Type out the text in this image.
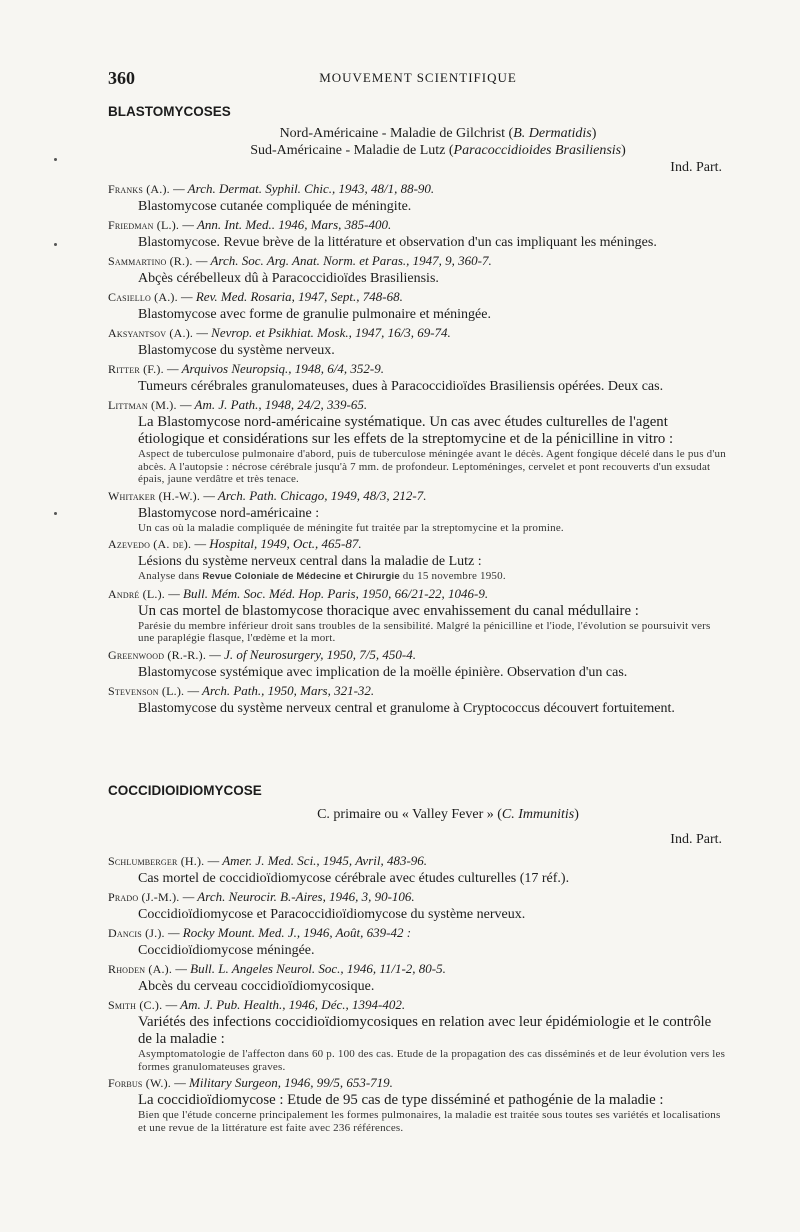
360	MOUVEMENT SCIENTIFIQUE
BLASTOMYCOSES
Nord-Américaine - Maladie de Gilchrist (B. Dermatidis)
Sud-Américaine - Maladie de Lutz (Paracoccidioides Brasiliensis)
Ind. Part.
Franks (A.). — Arch. Dermat. Syphil. Chic., 1943, 48/1, 88-90.
Blastomycose cutanée compliquée de méningite.
Friedman (L.). — Ann. Int. Med.. 1946, Mars, 385-400.
Blastomycose. Revue brève de la littérature et observation d'un cas impliquant les méninges.
Sammartino (R.). — Arch. Soc. Arg. Anat. Norm. et Paras., 1947, 9, 360-7.
Abçès cérébelleux dû à Paracoccidioïdes Brasiliensis.
Casiello (A.). — Rev. Med. Rosaria, 1947, Sept., 748-68.
Blastomycose avec forme de granulie pulmonaire et méningée.
Aksyantsov (A.). — Nevrop. et Psikhiat. Mosk., 1947, 16/3, 69-74.
Blastomycose du système nerveux.
Ritter (F.). — Arquivos Neuropsiq., 1948, 6/4, 352-9.
Tumeurs cérébrales granulomateuses, dues à Paracoccidioïdes Brasiliensis opérées. Deux cas.
Littman (M.). — Am. J. Path., 1948, 24/2, 339-65.
La Blastomycose nord-américaine systématique. Un cas avec études culturelles de l'agent étiologique et considérations sur les effets de la streptomycine et de la pénicilline in vitro :
Aspect de tuberculose pulmonaire d'abord, puis de tuberculose méningée avant le décès. Agent fongique décelé dans le pus d'un abcès. A l'autopsie : nécrose cérébrale jusqu'à 7 mm. de profondeur. Leptoméninges, cervelet et pont recouverts d'un exsudat épais, jaune verdâtre et très tenace.
Whitaker (H.-W.). — Arch. Path. Chicago, 1949, 48/3, 212-7.
Blastomycose nord-américaine :
Un cas où la maladie compliquée de méningite fut traitée par la streptomycine et la prominе.
Azevedo (A. de). — Hospital, 1949, Oct., 465-87.
Lésions du système nerveux central dans la maladie de Lutz :
Analyse dans Revue Coloniale de Médecine et Chirurgie du 15 novembre 1950.
André (L.). — Bull. Mém. Soc. Méd. Hop. Paris, 1950, 66/21-22, 1046-9.
Un cas mortel de blastomycose thoracique avec envahissement du canal médullaire :
Parésie du membre inférieur droit sans troubles de la sensibilité. Malgré la pénicilline et l'iode, l'évolution se poursuivit vers une paraplégie flasque, l'œdème et la mort.
Greenwood (R.-R.). — J. of Neurosurgery, 1950, 7/5, 450-4.
Blastomycose systémique avec implication de la moëlle épinière. Observation d'un cas.
Stevenson (L.). — Arch. Path., 1950, Mars, 321-32.
Blastomycose du système nerveux central et granulome à Cryptococcus découvert fortuitement.
COCCIDIOIDIOMYCOSE
C. primaire ou « Valley Fever » (C. Immunitis)
Ind. Part.
Schlumberger (H.). — Amer. J. Med. Sci., 1945, Avril, 483-96.
Cas mortel de coccidioïdiomycose cérébrale avec études culturelles (17 réf.).
Prado (J.-M.). — Arch. Neurocir. B.-Aires, 1946, 3, 90-106.
Coccidioïdiomycose et Paracoccidioïdiomycose du système nerveux.
Dancis (J.). — Rocky Mount. Med. J., 1946, Août, 639-42 :
Coccidioïdiomycose méningée.
Rhoden (A.). — Bull. L. Angeles Neurol. Soc., 1946, 11/1-2, 80-5.
Abcès du cerveau coccidioïdiomycosique.
Smith (C.). — Am. J. Pub. Health., 1946, Déc., 1394-402.
Variétés des infections coccidioïdiomycosiques en relation avec leur épidémiologie et le contrôle de la maladie :
Asymptomatologie de l'affecton dans 60 p. 100 des cas. Etude de la propagation des cas disséminés et de leur évolution vers les formes granulomateuses graves.
Forbus (W.). — Military Surgeon, 1946, 99/5, 653-719.
La coccidioïdiomycose : Etude de 95 cas de type disséminé et pathogénie de la maladie :
Bien que l'étude concerne principalement les formes pulmonaires, la maladie est traitée sous toutes ses variétés et localisations et une revue de la littérature est faite avec 236 références.
